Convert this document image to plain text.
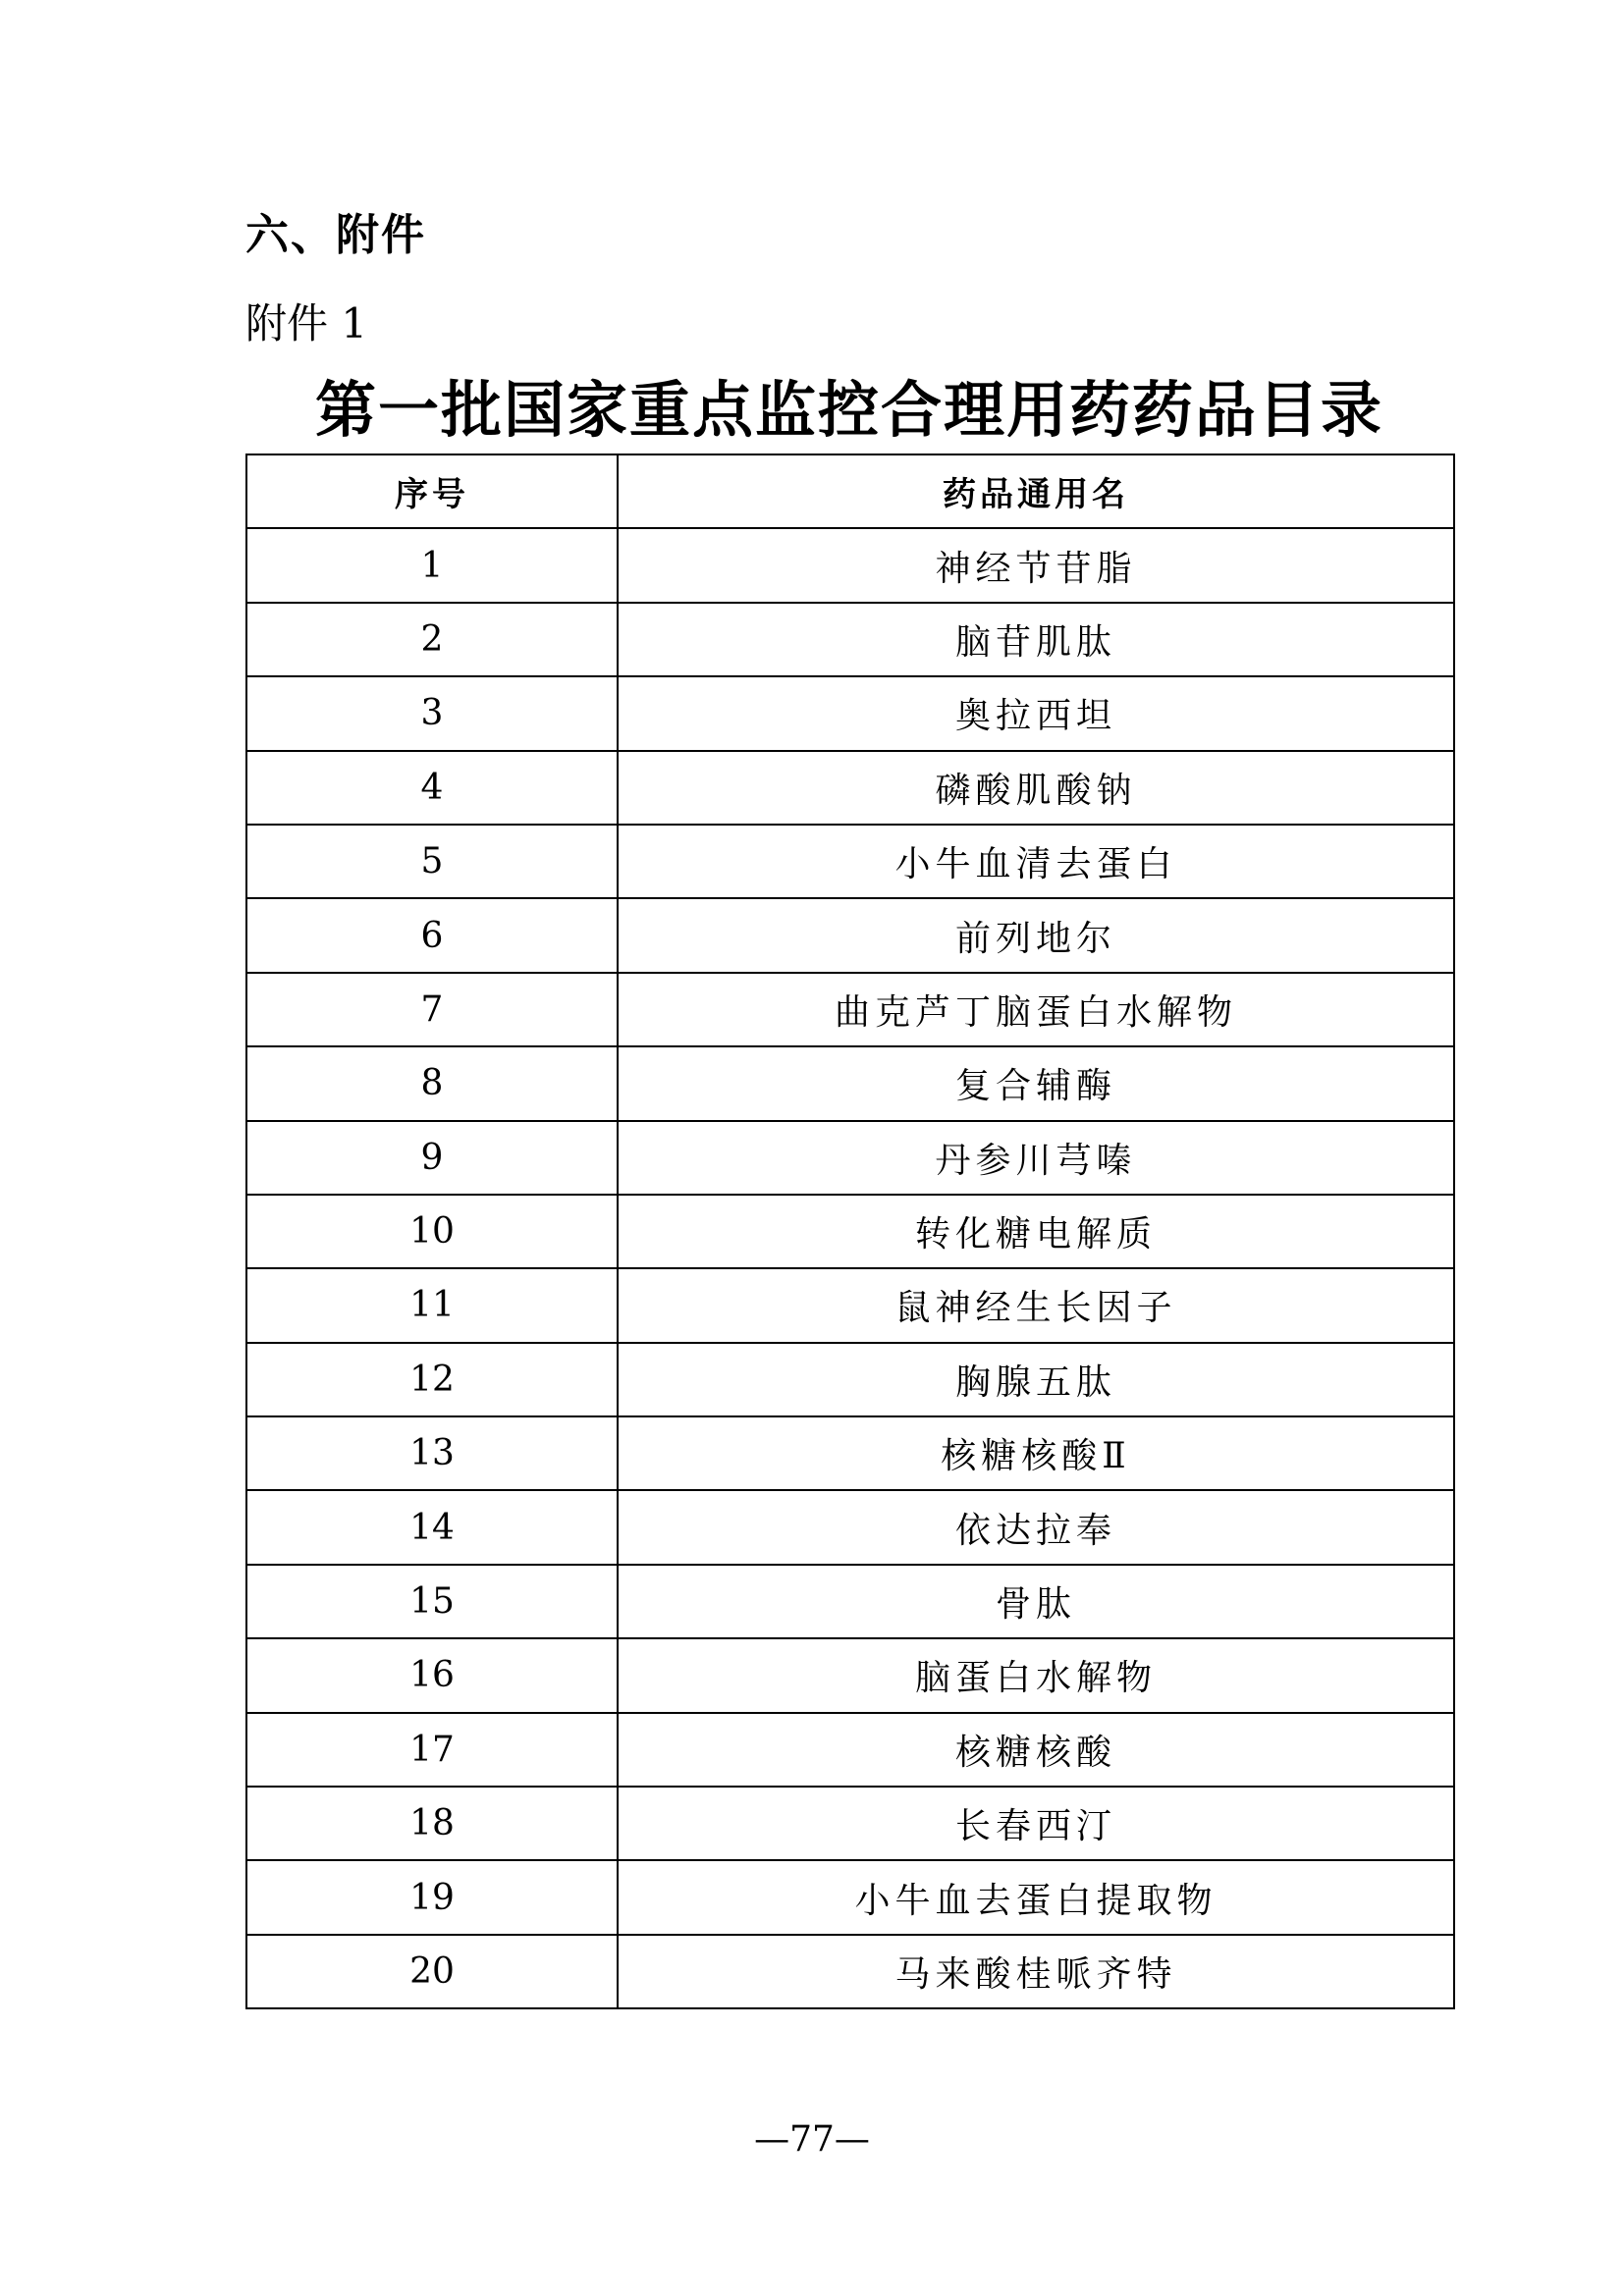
六、附件
附件 1
第一批国家重点监控合理用药药品目录
序号	药品通用名
1	神经节苷脂
2	脑苷肌肽
3	奥拉西坦
4	磷酸肌酸钠
5	小牛血清去蛋白
6	前列地尔
7	曲克芦丁脑蛋白水解物
8	复合辅酶
9	丹参川芎嗪
10	转化糖电解质
11	鼠神经生长因子
12	胸腺五肽
13	核糖核酸Ⅱ
14	依达拉奉
15	骨肽
16	脑蛋白水解物
17	核糖核酸
18	长春西汀
19	小牛血去蛋白提取物
20	马来酸桂哌齐特
—77—
